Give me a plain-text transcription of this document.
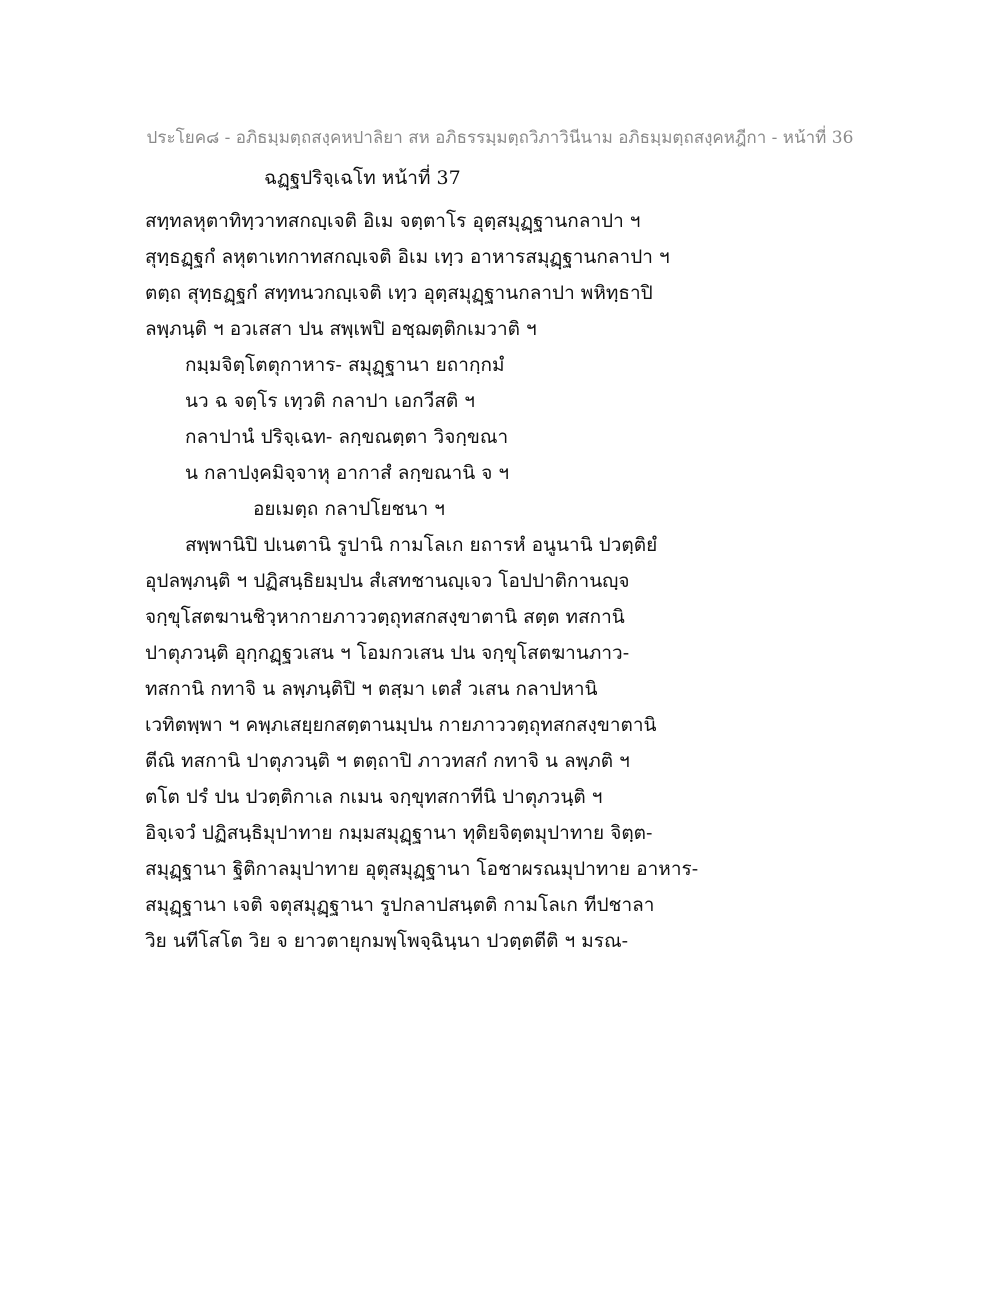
ประโยค๘ - อภิธมฺมตฺถสงฺคหปาลิยา สห อภิธรรมฺมตฺถวิภาวินีนาม อภิธมฺมตฺถสงฺคหฎีกา - หน้าที่ 36
ฉฏฺฐปริจฺเฉโท หน้าที่ 37
สทฺทลหุตาทิทฺวาทสกญฺเจติ อิเม จตฺตาโร อุตฺสมุฏฺฐานกลาปา ฯ
สุทฺธฏฺฐกํ ลหุตาเทกาทสกญฺเจติ อิเม เทฺว อาหารสมุฏฺฐานกลาปา ฯ
ตตฺถ สุทฺธฏฺฐกํ สทฺทนวกญฺเจติ เทฺว อุตฺสมุฏฺฐานกลาปา พหิทฺธาปิ
ลพฺภนฺติ ฯ อวเสสา ปน สพฺเพปิ อชฺฌตฺติกเมวาติ ฯ
กมฺมจิตฺโตตุกาหาร- สมุฏฺฐานา ยถากฺกมํ
นว ฉ จตฺโร เทฺวติ กลาปา เอกวีสติ ฯ
กลาปานํ ปริจฺเฉท- ลกฺขณตฺตา วิจกฺขณา
น กลาปงฺคมิจฺจาหุ อากาสํ ลกฺขณานิ จ ฯ
อยเมตฺถ กลาปโยชนา ฯ
สพฺพานิปิ ปเนตานิ รูปานิ กามโลเก ยถารหํ อนูนานิ ปวตฺติยํ
อุปลพฺภนฺติ ฯ ปฏิสนฺธิยมฺปน สํเสทชานญฺเจว โอปปาติกานญฺจ
จกฺขุโสตฆานชิวฺหากายภาววตฺถุทสกสงฺขาตานิ สตฺต ทสกานิ
ปาตุภวนฺติ อุกฺกฏฺฐวเสน ฯ โอมกวเสน ปน จกฺขุโสตฆานภาว-
ทสกานิ กทาจิ น ลพฺภนฺติปิ ฯ ตสฺมา เตสํ วเสน กลาปหานิ
เวทิตพฺพา ฯ คพฺภเสยฺยกสตฺตานมฺปน กายภาววตฺถุทสกสงฺขาตานิ
ตีณิ ทสกานิ ปาตุภวนฺติ ฯ ตตฺถาปิ ภาวทสกํ กทาจิ น ลพฺภติ ฯ
ตโต ปรํ ปน ปวตฺติกาเล กเมน จกฺขุทสกาทีนิ ปาตุภวนฺติ ฯ
อิจฺเจวํ ปฏิสนฺธิมุปาทาย กมฺมสมุฏฺฐานา ทุติยจิตฺตมุปาทาย จิตฺต-
สมุฏฺฐานา ฐิติกาลมุปาทาย อุตุสมุฏฺฐานา โอชาผรณมุปาทาย อาหาร-
สมุฏฺฐานา เจติ จตุสมุฏฺฐานา รูปกลาปสนฺตติ กามโลเก ทีปชาลา
วิย นทีโสโต วิย จ ยาวตายุกมพฺโพจฺฉินฺนา ปวตฺตตีติ ฯ มรณ-
